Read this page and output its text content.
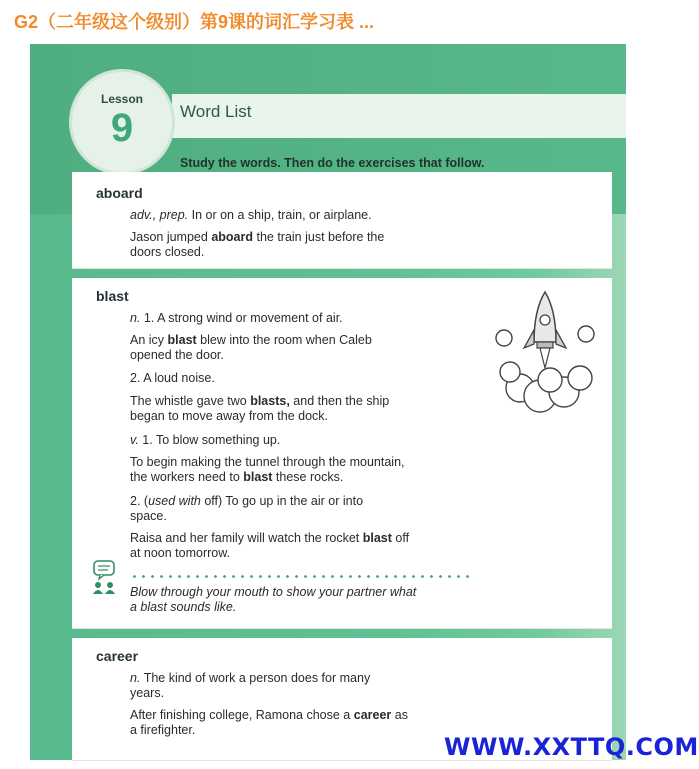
G2（二年级这个级别）第9课的词汇学习表 ...
Lesson
9	Word List
Study the words. Then do the exercises that follow.
aboard
adv., prep. In or on a ship, train, or airplane.
Jason jumped aboard the train just before the
doors closed.
blast
n. 1. A strong wind or movement of air.
An icy blast blew into the room when Caleb
opened the door.
2. A loud noise.
The whistle gave two blasts, and then the ship
began to move away from the dock.
v. 1. To blow something up.
To begin making the tunnel through the mountain,
the workers need to blast these rocks.
2. (used with off) To go up in the air or into
space.
Raisa and her family will watch the rocket blast off
at noon tomorrow.
Blow through your mouth to show your partner what
a blast sounds like.
career
n. The kind of work a person does for many
years.
After finishing college, Ramona chose a career as
a firefighter.
WWW.XXTTQ.COM
